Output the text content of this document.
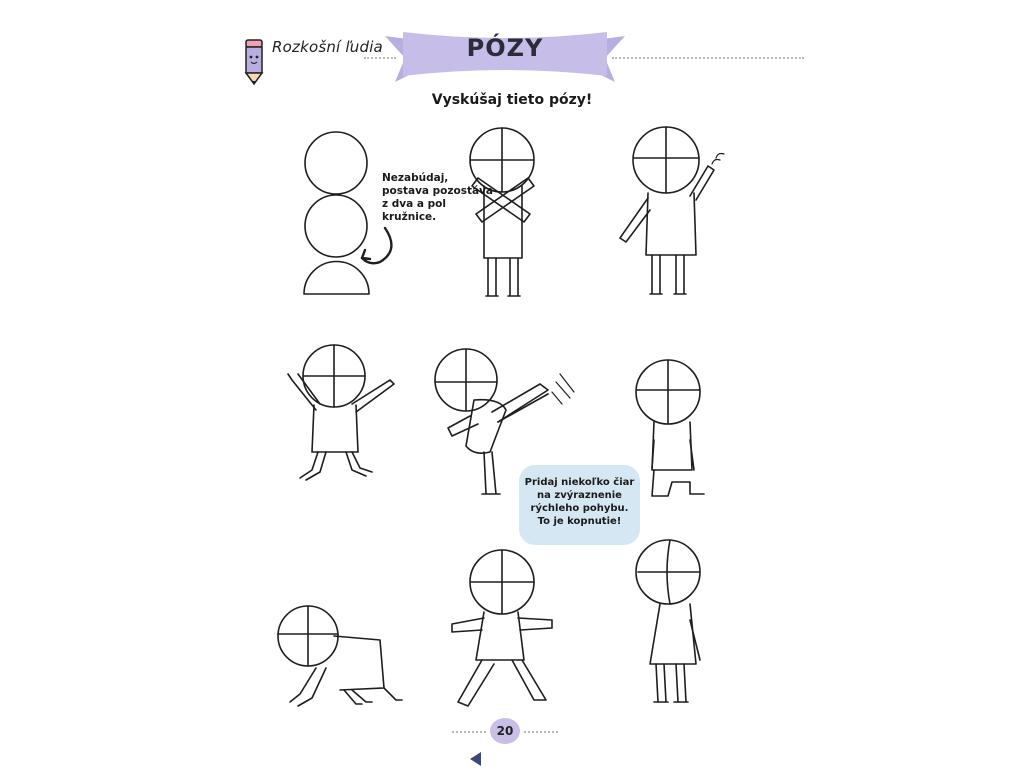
Rozkošní ľudia	PÓZY
Vyskúšaj tieto pózy!
Nezabúdaj,
postava pozostáva
z dva a pol
kružnice.
Pridaj niekoľko čiar
na zvýraznenie
rýchleho pohybu.
To je kopnutie!
20
